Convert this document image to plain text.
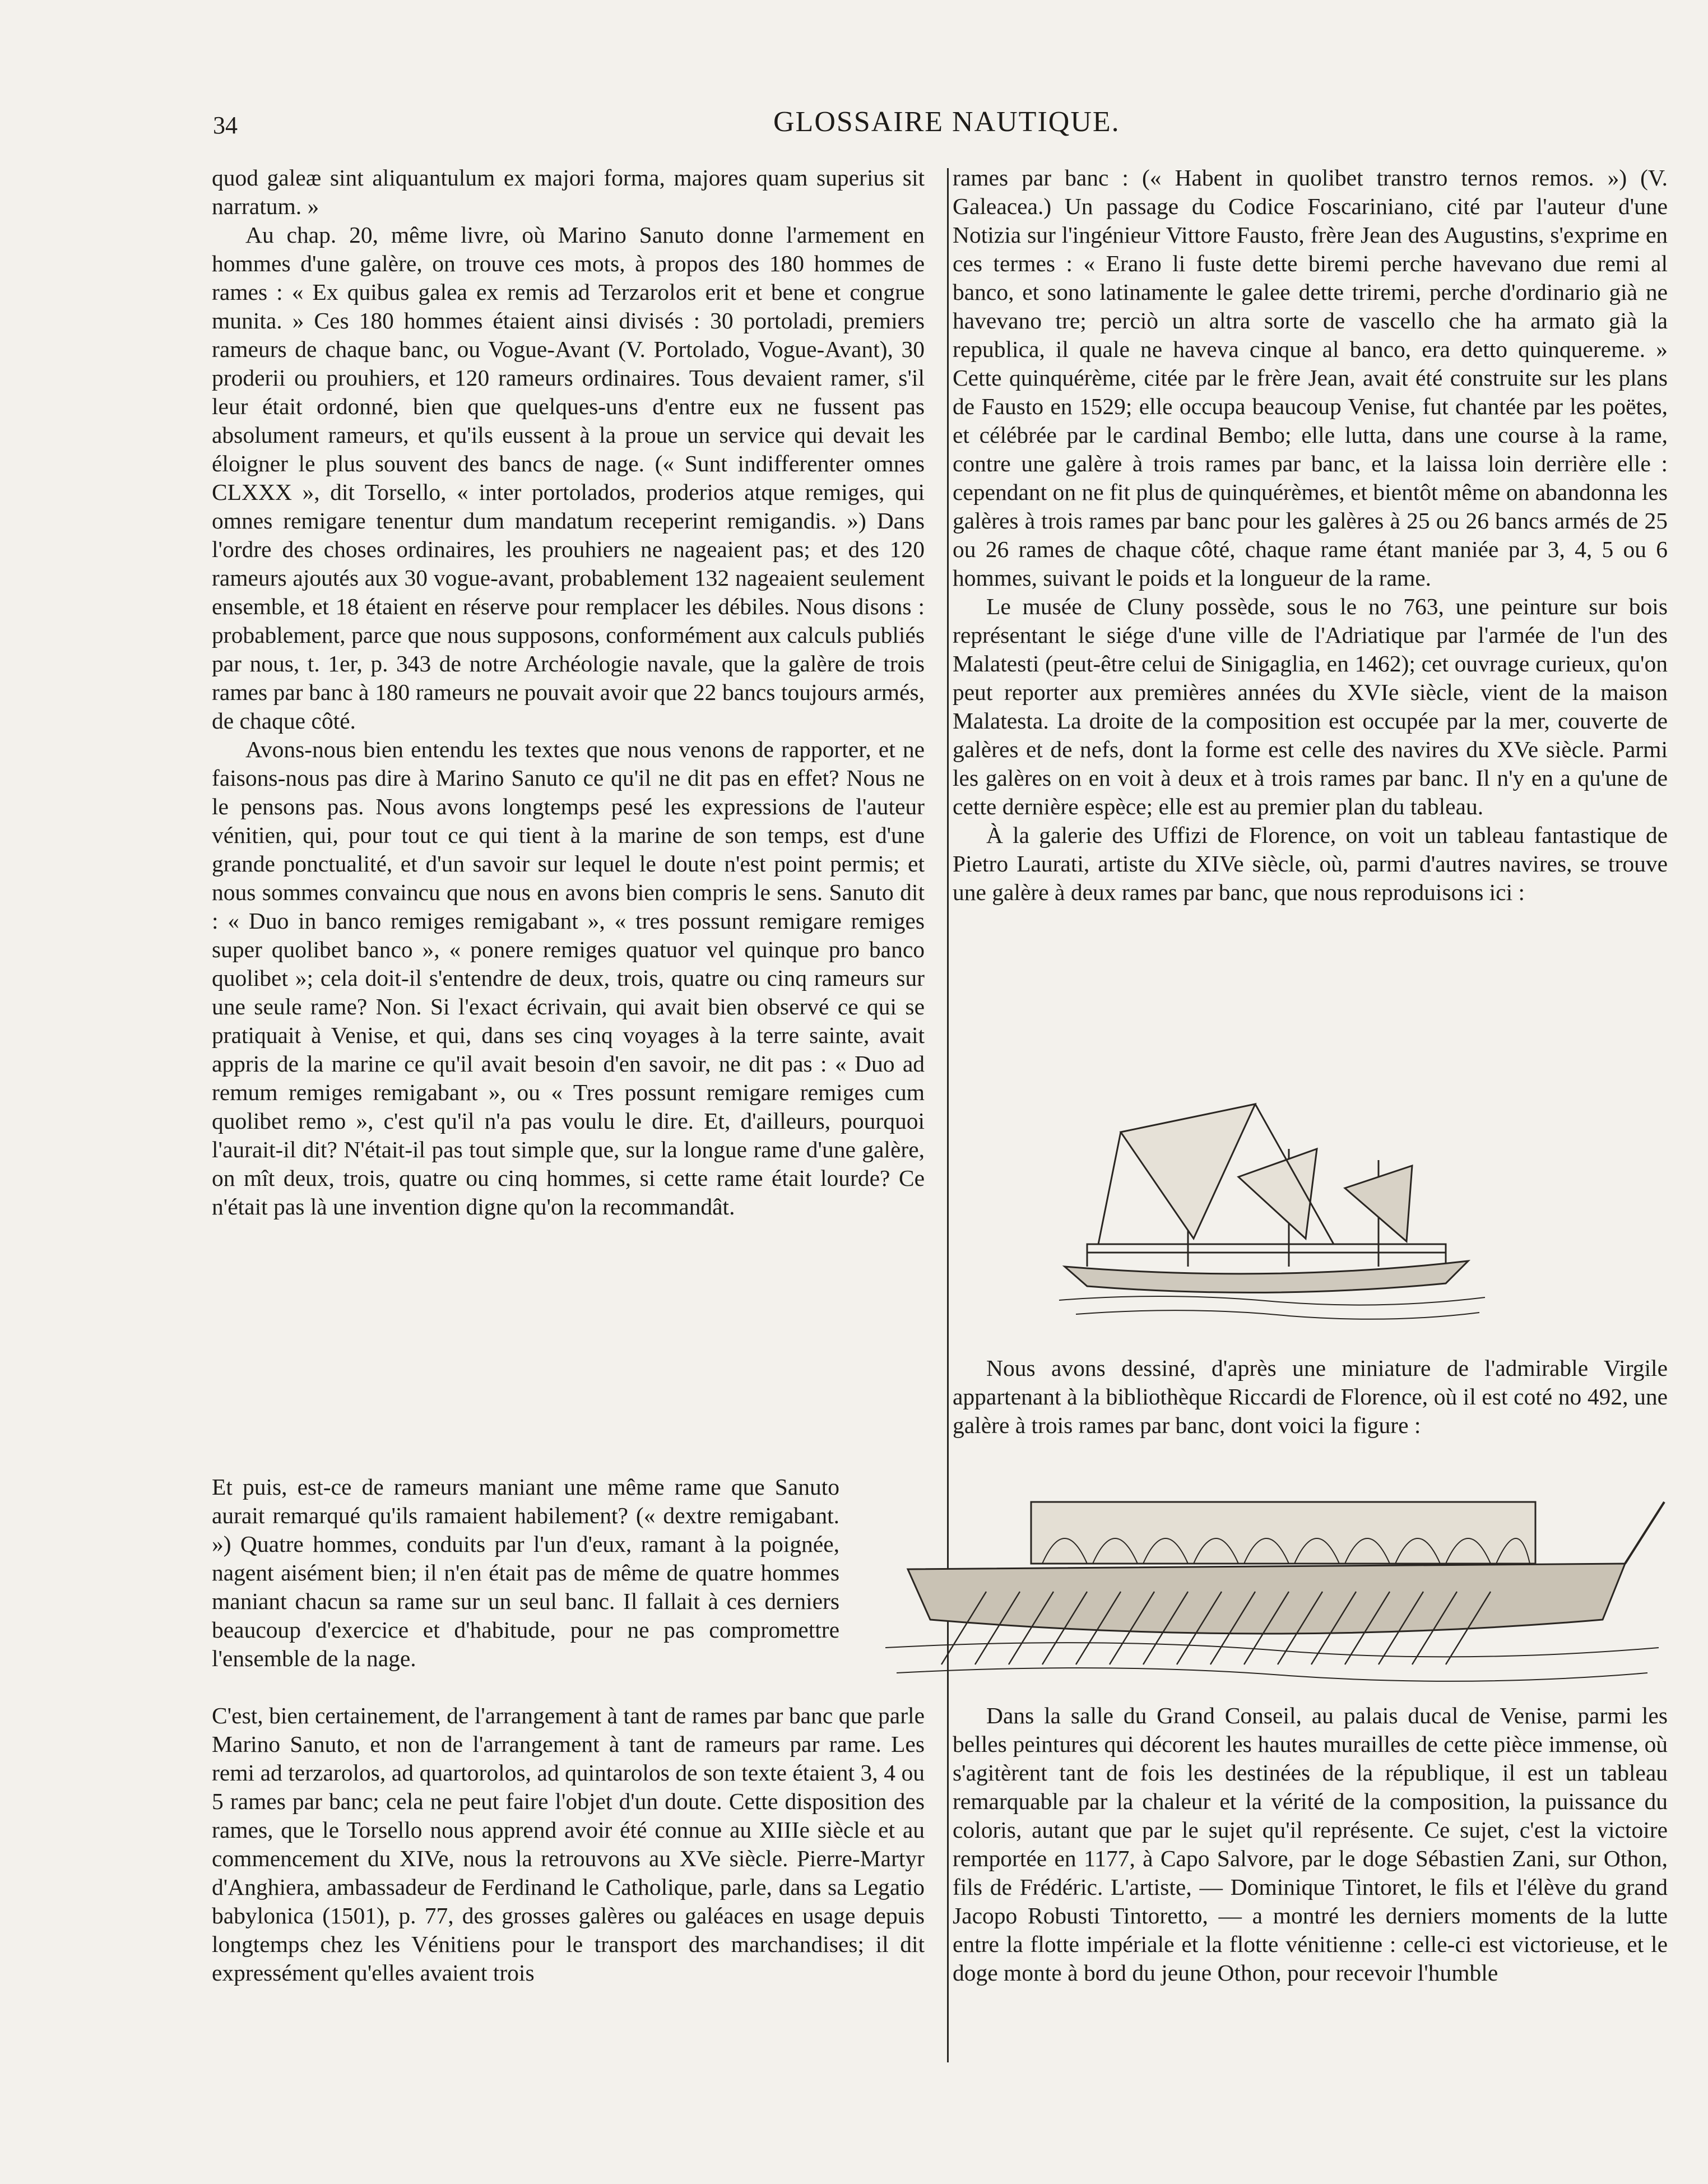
34	GLOSSAIRE NAUTIQUE.

quod galeæ sint aliquantulum ex majori forma, majores quam superius sit narratum. »

Au chap. 20, même livre, où Marino Sanuto donne l'armement en hommes d'une galère, on trouve ces mots, à propos des 180 hommes de rames : « Ex quibus galea ex remis ad Terzarolos erit et bene et congrue munita. » Ces 180 hommes étaient ainsi divisés : 30 portoladi, premiers rameurs de chaque banc, ou Vogue-Avant (V. Portolado, Vogue-Avant), 30 proderii ou prouhiers, et 120 rameurs ordinaires. Tous devaient ramer, s'il leur était ordonné, bien que quelques-uns d'entre eux ne fussent pas absolument rameurs, et qu'ils eussent à la proue un service qui devait les éloigner le plus souvent des bancs de nage. (« Sunt indifferenter omnes CLXXX », dit Torsello, « inter portolados, proderios atque remiges, qui omnes remigare tenentur dum mandatum receperint remigandis. ») Dans l'ordre des choses ordinaires, les prouhiers ne nageaient pas; et des 120 rameurs ajoutés aux 30 vogue-avant, probablement 132 nageaient seulement ensemble, et 18 étaient en réserve pour remplacer les débiles. Nous disons : probablement, parce que nous supposons, conformément aux calculs publiés par nous, t. 1er, p. 343 de notre Archéologie navale, que la galère de trois rames par banc à 180 rameurs ne pouvait avoir que 22 bancs toujours armés, de chaque côté.

Avons-nous bien entendu les textes que nous venons de rapporter, et ne faisons-nous pas dire à Marino Sanuto ce qu'il ne dit pas en effet? Nous ne le pensons pas. Nous avons longtemps pesé les expressions de l'auteur vénitien, qui, pour tout ce qui tient à la marine de son temps, est d'une grande ponctualité, et d'un savoir sur lequel le doute n'est point permis; et nous sommes convaincu que nous en avons bien compris le sens. Sanuto dit : « Duo in banco remiges remigabant », « tres possunt remigare remiges super quolibet banco », « ponere remiges quatuor vel quinque pro banco quolibet »; cela doit-il s'entendre de deux, trois, quatre ou cinq rameurs sur une seule rame? Non. Si l'exact écrivain, qui avait bien observé ce qui se pratiquait à Venise, et qui, dans ses cinq voyages à la terre sainte, avait appris de la marine ce qu'il avait besoin d'en savoir, ne dit pas : « Duo ad remum remiges remigabant », ou « Tres possunt remigare remiges cum quolibet remo », c'est qu'il n'a pas voulu le dire. Et, d'ailleurs, pourquoi l'aurait-il dit? N'était-il pas tout simple que, sur la longue rame d'une galère, on mît deux, trois, quatre ou cinq hommes, si cette rame était lourde? Ce n'était pas là une invention digne qu'on la recommandât.

Et puis, est-ce de rameurs maniant une même rame que Sanuto aurait remarqué qu'ils ramaient habilement? (« dextre remigabant. ») Quatre hommes, conduits par l'un d'eux, ramant à la poignée, nagent aisément bien; il n'en était pas de même de quatre hommes maniant chacun sa rame sur un seul banc. Il fallait à ces derniers beaucoup d'exercice et d'habitude, pour ne pas compromettre l'ensemble de la nage.

C'est, bien certainement, de l'arrangement à tant de rames par banc que parle Marino Sanuto, et non de l'arrangement à tant de rameurs par rame. Les remi ad terzarolos, ad quartorolos, ad quintarolos de son texte étaient 3, 4 ou 5 rames par banc; cela ne peut faire l'objet d'un doute. Cette disposition des rames, que le Torsello nous apprend avoir été connue au XIIIe siècle et au commencement du XIVe, nous la retrouvons au XVe siècle. Pierre-Martyr d'Anghiera, ambassadeur de Ferdinand le Catholique, parle, dans sa Legatio babylonica (1501), p. 77, des grosses galères ou galéaces en usage depuis longtemps chez les Vénitiens pour le transport des marchandises; il dit expressément qu'elles avaient trois

rames par banc : (« Habent in quolibet transtro ternos remos. ») (V. Galeacea.) Un passage du Codice Foscariniano, cité par l'auteur d'une Notizia sur l'ingénieur Vittore Fausto, frère Jean des Augustins, s'exprime en ces termes : « Erano li fuste dette biremi perche havevano due remi al banco, et sono latinamente le galee dette triremi, perche d'ordinario già ne havevano tre; perciò un altra sorte de vascello che ha armato già la republica, il quale ne haveva cinque al banco, era detto quinquereme. » Cette quinquérème, citée par le frère Jean, avait été construite sur les plans de Fausto en 1529; elle occupa beaucoup Venise, fut chantée par les poëtes, et célébrée par le cardinal Bembo; elle lutta, dans une course à la rame, contre une galère à trois rames par banc, et la laissa loin derrière elle : cependant on ne fit plus de quinquérèmes, et bientôt même on abandonna les galères à trois rames par banc pour les galères à 25 ou 26 bancs armés de 25 ou 26 rames de chaque côté, chaque rame étant maniée par 3, 4, 5 ou 6 hommes, suivant le poids et la longueur de la rame.

Le musée de Cluny possède, sous le no 763, une peinture sur bois représentant le siége d'une ville de l'Adriatique par l'armée de l'un des Malatesti (peut-être celui de Sinigaglia, en 1462); cet ouvrage curieux, qu'on peut reporter aux premières années du XVIe siècle, vient de la maison Malatesta. La droite de la composition est occupée par la mer, couverte de galères et de nefs, dont la forme est celle des navires du XVe siècle. Parmi les galères on en voit à deux et à trois rames par banc. Il n'y en a qu'une de cette dernière espèce; elle est au premier plan du tableau.

À la galerie des Uffizi de Florence, on voit un tableau fantastique de Pietro Laurati, artiste du XIVe siècle, où, parmi d'autres navires, se trouve une galère à deux rames par banc, que nous reproduisons ici :

Nous avons dessiné, d'après une miniature de l'admirable Virgile appartenant à la bibliothèque Riccardi de Florence, où il est coté no 492, une galère à trois rames par banc, dont voici la figure :

Dans la salle du Grand Conseil, au palais ducal de Venise, parmi les belles peintures qui décorent les hautes murailles de cette pièce immense, où s'agitèrent tant de fois les destinées de la république, il est un tableau remarquable par la chaleur et la vérité de la composition, la puissance du coloris, autant que par le sujet qu'il représente. Ce sujet, c'est la victoire remportée en 1177, à Capo Salvore, par le doge Sébastien Zani, sur Othon, fils de Frédéric. L'artiste, — Dominique Tintoret, le fils et l'élève du grand Jacopo Robusti Tintoretto, — a montré les derniers moments de la lutte entre la flotte impériale et la flotte vénitienne : celle-ci est victorieuse, et le doge monte à bord du jeune Othon, pour recevoir l'humble
